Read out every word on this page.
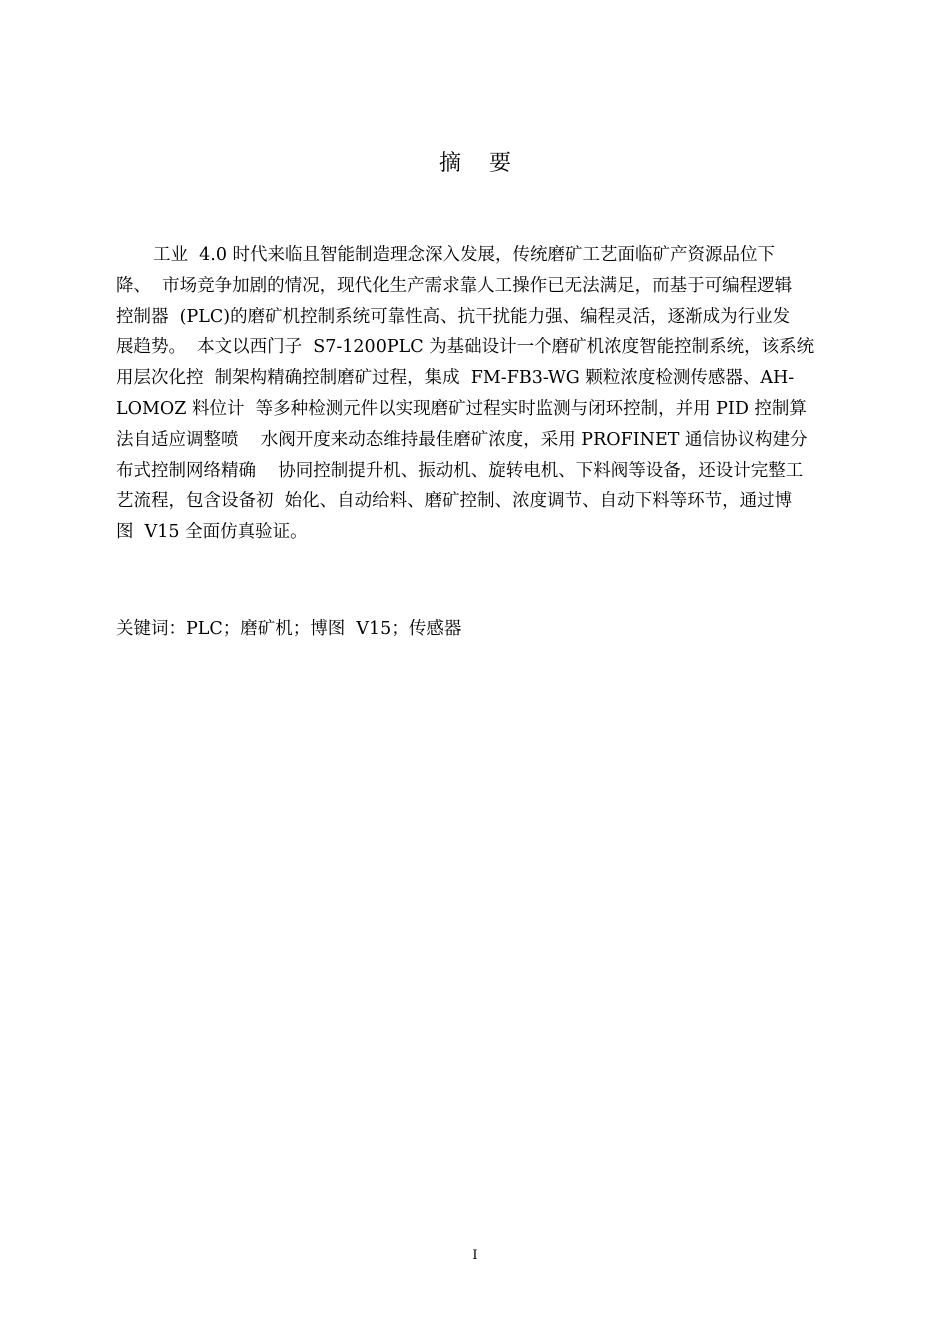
摘要
工业  4.0 时代来临且智能制造理念深入发展，传统磨矿工艺面临矿产资源品位下
降、  市场竞争加剧的情况，现代化生产需求靠人工操作已无法满足，而基于可编程逻辑
控制器  (PLC)的磨矿机控制系统可靠性高、抗干扰能力强、编程灵活，逐渐成为行业发
展趋势。  本文以西门子  S7-1200PLC 为基础设计一个磨矿机浓度智能控制系统，该系统
用层次化控  制架构精确控制磨矿过程，集成  FM-FB3-WG 颗粒浓度检测传感器、AH-
LOMOZ 料位计  等多种检测元件以实现磨矿过程实时监测与闭环控制，并用 PID 控制算
法自适应调整喷    水阀开度来动态维持最佳磨矿浓度，采用 PROFINET 通信协议构建分
布式控制网络精确    协同控制提升机、振动机、旋转电机、下料阀等设备，还设计完整工
艺流程，包含设备初  始化、自动给料、磨矿控制、浓度调节、自动下料等环节，通过博
图  V15 全面仿真验证。
关键词：PLC；磨矿机；博图  V15；传感器
I
